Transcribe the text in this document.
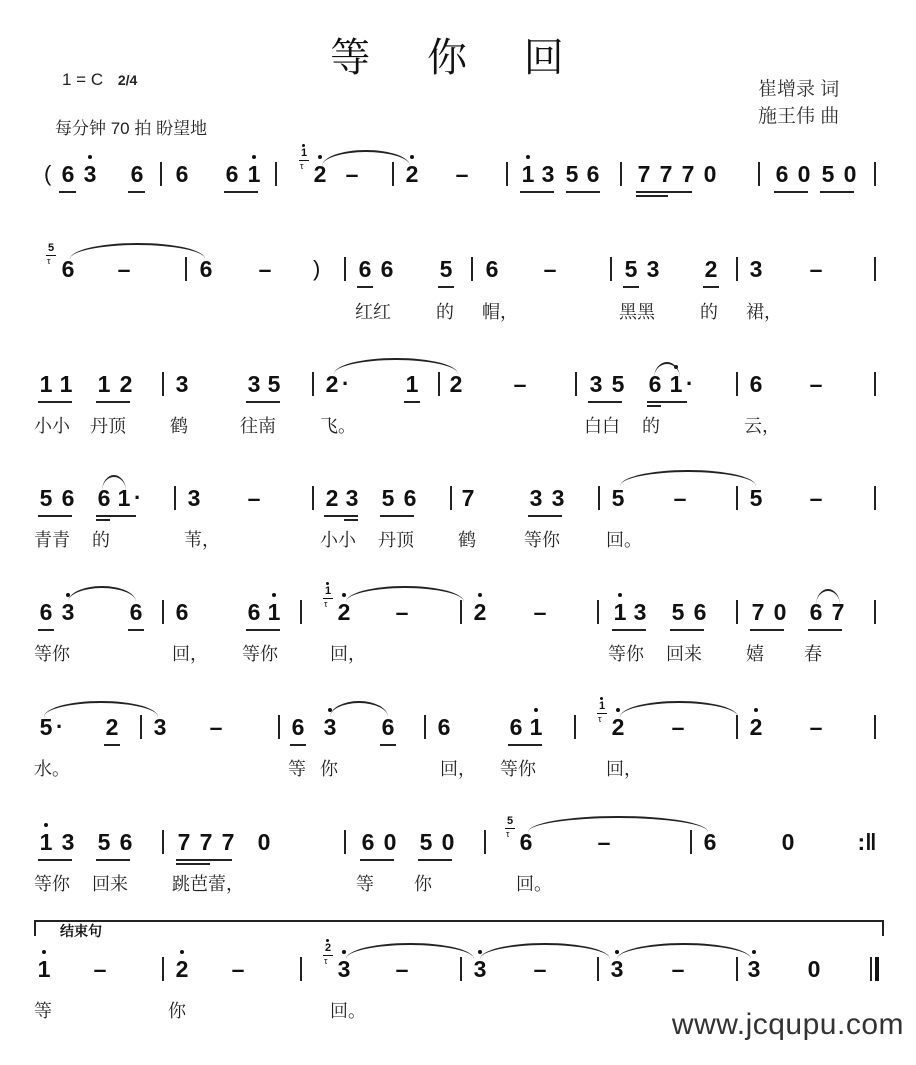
等 你 回
1 = C 2/4
每分钟 70 拍 盼望地
崔增录 词
施王伟 曲
( 6 3 6 6 6 1
1
τ 2 – 2 – 1 3 5 6 7 7 7 0	6 0 5 0
5
τ 6 –	6 – ) 6 6 5 6 –	5 3 2 3 –
红红	的 帽，	黑黑	的 裙，
1 1 1 2 3	3 5 2 · 1 2 –	3 5 6 1 · 6 –
小小 丹顶 鹤	往南 飞。	白白 的	云，
5 6 6 1 · 3 –	2 3 5 6 7 3 3 5 –	5 –
青青 的	苇，	小小 丹顶 鹤	等你	回。
6 3 6 6	6 1
1
τ 2 –	2 –	1 3 5 6 7 0 6 7
等你	回， 等你	回，	等你 回来 嬉 春
5 · 2 3 –	6 3 6 6	6 1
1
τ 2 –	2 –
水。	等 你	回， 等你	回，
1 3 5 6 7 7 7 0	6 0 5 0
5
τ 6	–	6	0	:‖
等你 回来 跳芭蕾，	等 你	回。
结束句
1 –	2 –
2
τ 3 –	3 –	3 –	3 0
等	你	回。	www.jcqupu.com
